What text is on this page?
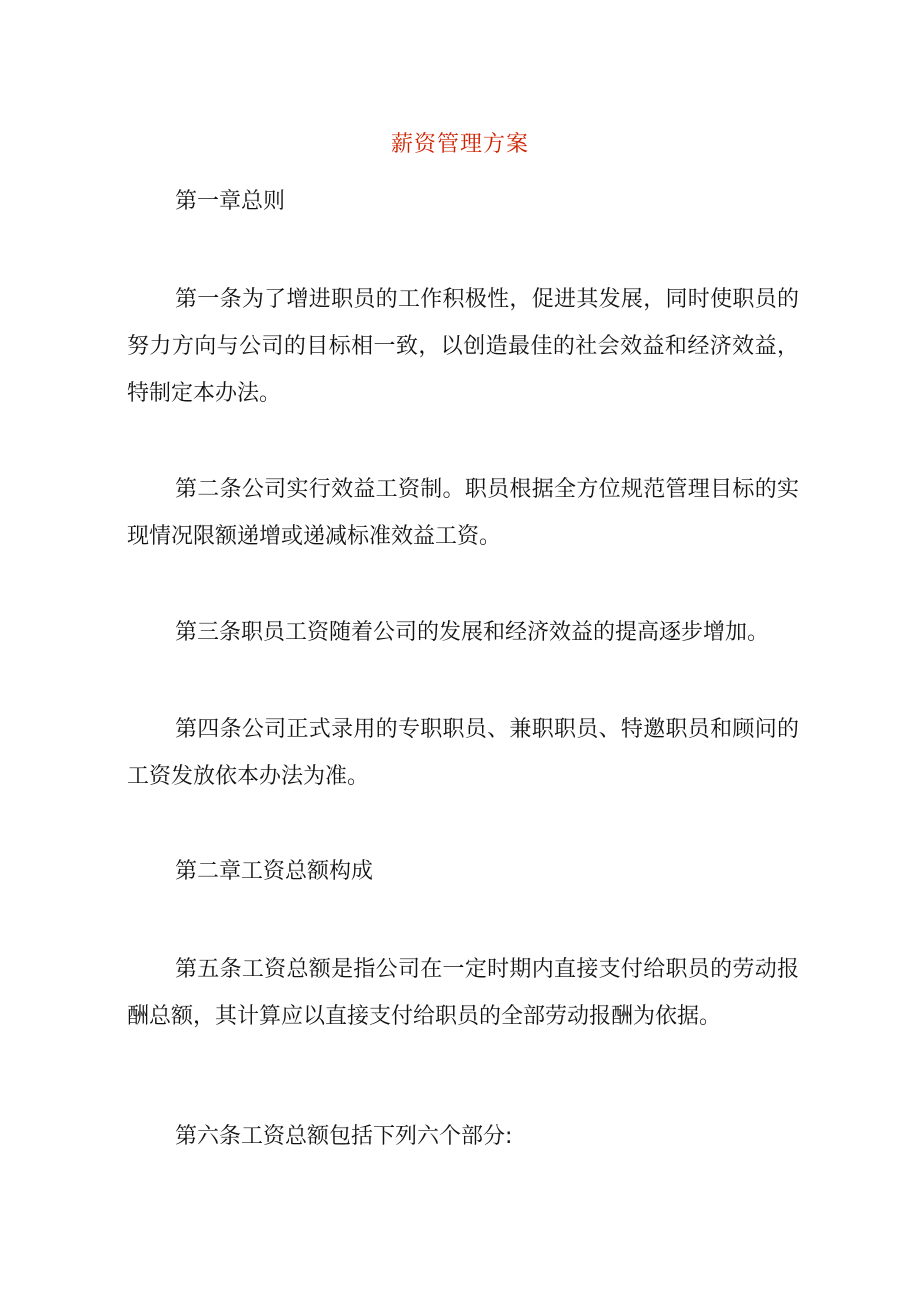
薪资管理方案
第一章总则

第一条为了增进职员的工作积极性，促进其发展，同时使职员的努力方向与公司的目标相一致，以创造最佳的社会效益和经济效益，特制定本办法。

第二条公司实行效益工资制。职员根据全方位规范管理目标的实现情况限额递增或递减标准效益工资。

第三条职员工资随着公司的发展和经济效益的提高逐步增加。

第四条公司正式录用的专职职员、兼职职员、特邀职员和顾问的工资发放依本办法为准。

第二章工资总额构成

第五条工资总额是指公司在一定时期内直接支付给职员的劳动报酬总额，其计算应以直接支付给职员的全部劳动报酬为依据。

第六条工资总额包括下列六个部分:
